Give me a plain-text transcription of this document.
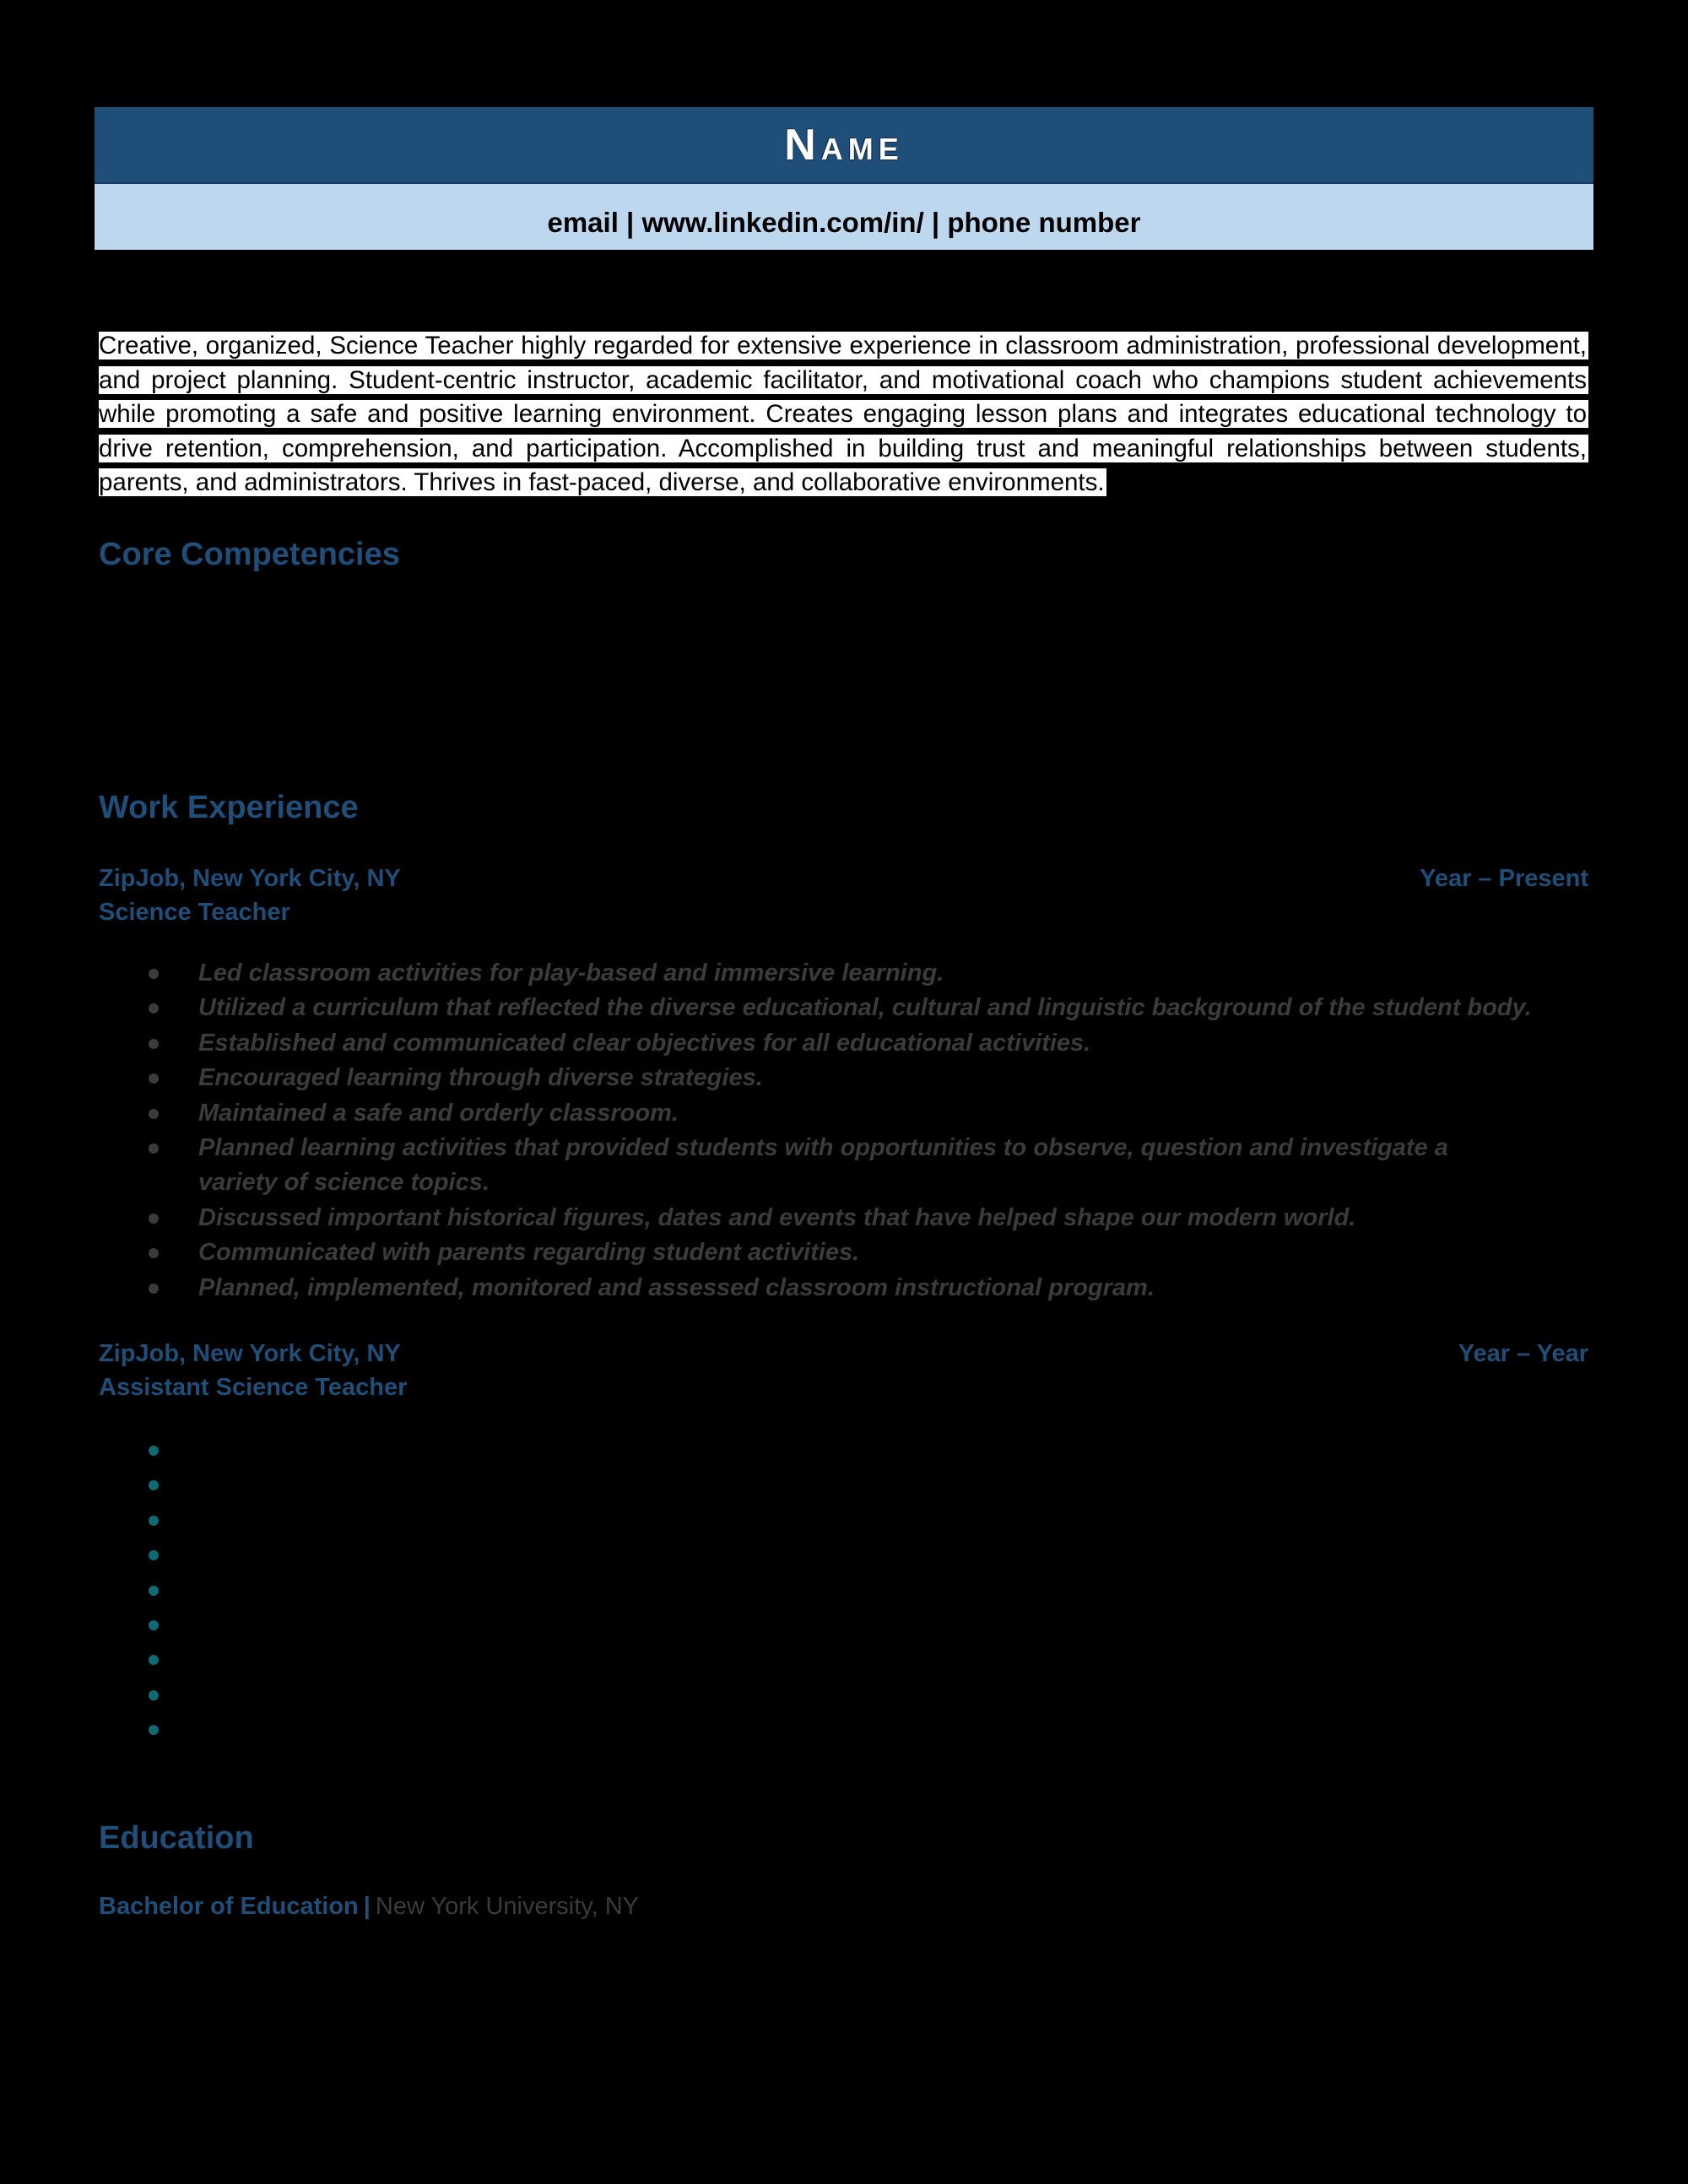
Name
email | www.linkedin.com/in/ | phone number
Creative, organized, Science Teacher highly regarded for extensive experience in classroom administration, professional development, and project planning. Student-centric instructor, academic facilitator, and motivational coach who champions student achievements while promoting a safe and positive learning environment. Creates engaging lesson plans and integrates educational technology to drive retention, comprehension, and participation. Accomplished in building trust and meaningful relationships between students, parents, and administrators. Thrives in fast-paced, diverse, and collaborative environments.
Core Competencies
Work Experience
ZipJob, New York City, NY	Year – Present
Science Teacher
Led classroom activities for play-based and immersive learning.
Utilized a curriculum that reflected the diverse educational, cultural and linguistic background of the student body.
Established and communicated clear objectives for all educational activities.
Encouraged learning through diverse strategies.
Maintained a safe and orderly classroom.
Planned learning activities that provided students with opportunities to observe, question and investigate a variety of science topics.
Discussed important historical figures, dates and events that have helped shape our modern world.
Communicated with parents regarding student activities.
Planned, implemented, monitored and assessed classroom instructional program.
ZipJob, New York City, NY	Year – Year
Assistant Science Teacher
Education
Bachelor of Education | New York University, NY
